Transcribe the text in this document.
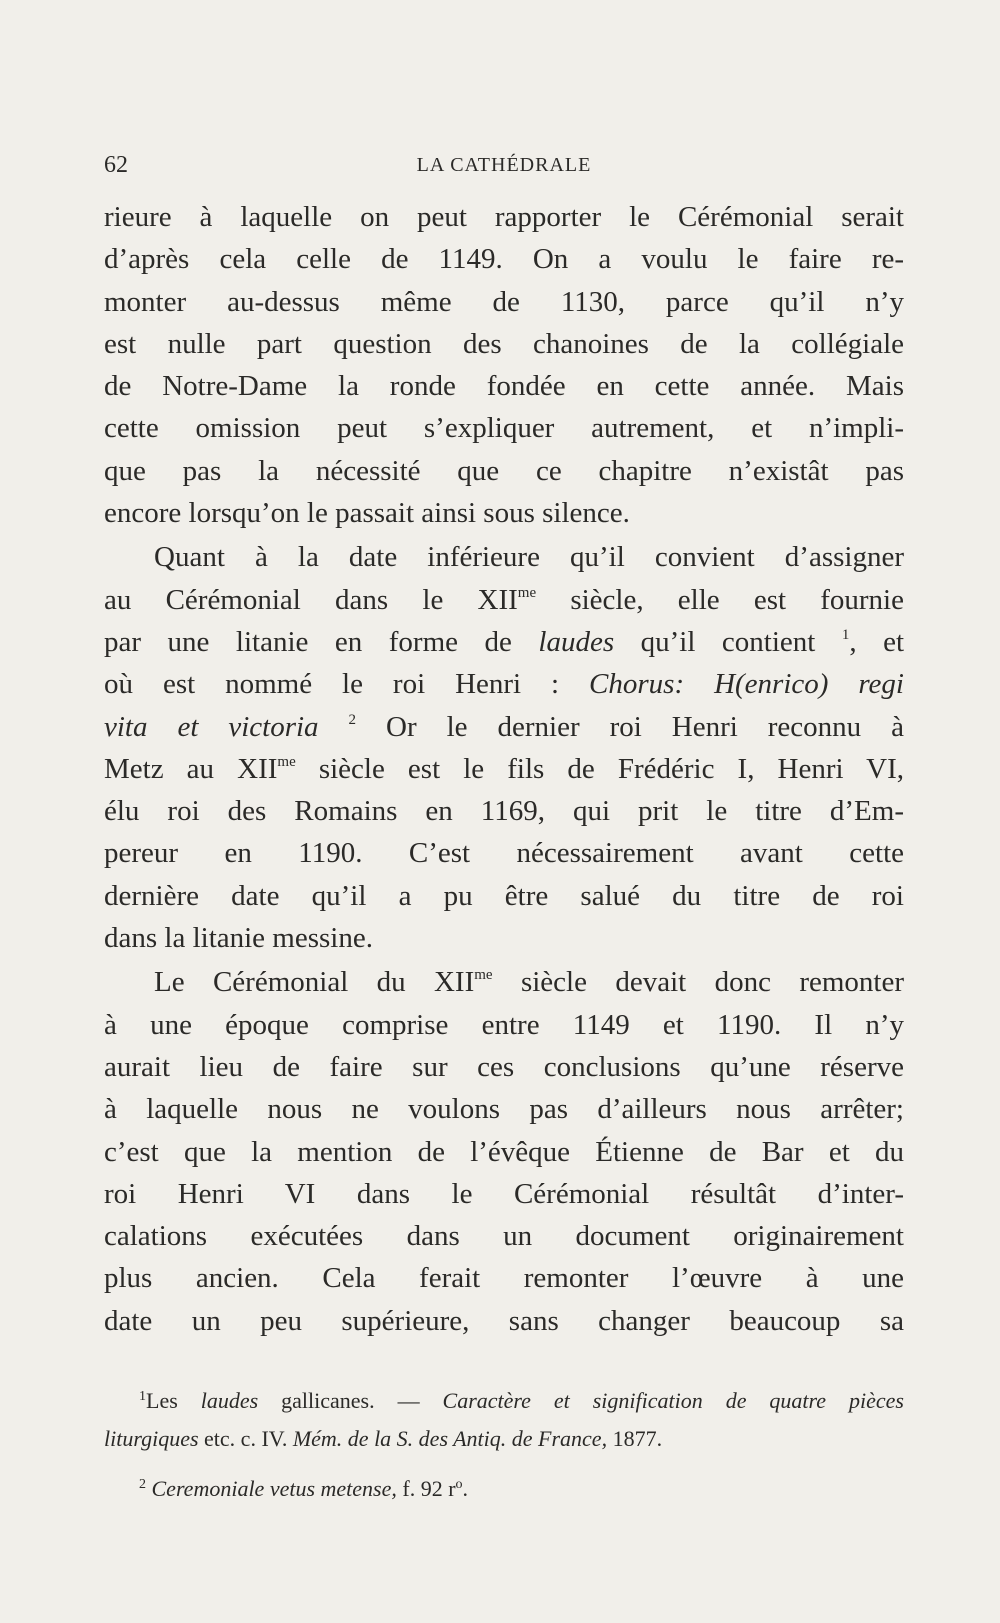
62	LA CATHÉDRALE
rieure à laquelle on peut rapporter le Cérémonial serait
d’après cela celle de 1149. On a voulu le faire re-
monter au-dessus même de 1130, parce qu’il n’y
est nulle part question des chanoines de la collégiale
de Notre-Dame la ronde fondée en cette année. Mais
cette omission peut s’expliquer autrement, et n’impli-
que pas la nécessité que ce chapitre n’existât pas
encore lorsqu’on le passait ainsi sous silence.
Quant à la date inférieure qu’il convient d’assigner
au Cérémonial dans le $XII^{me}$ siècle, elle est fournie
par une litanie en forme de laudes qu’il contient $^1$, et
où est nommé le roi Henri : Chorus: H(enrico) regi
vita et victoria $^2$ Or le dernier roi Henri reconnu à
Metz au $XII^{me}$ siècle est le fils de Frédéric I, Henri VI,
élu roi des Romains en 1169, qui prit le titre d’Em-
pereur en 1190. C’est nécessairement avant cette
dernière date qu’il a pu être salué du titre de roi
dans la litanie messine.
Le Cérémonial du $XII^{me}$ siècle devait donc remonter
à une époque comprise entre 1149 et 1190. Il n’y
aurait lieu de faire sur ces conclusions qu’une réserve
à laquelle nous ne voulons pas d’ailleurs nous arrêter;
c’est que la mention de l’évêque Étienne de Bar et du
roi Henri VI dans le Cérémonial résultât d’inter-
calations exécutées dans un document originairement
plus ancien. Cela ferait remonter l’œuvre à une
date un peu supérieure, sans changer beaucoup sa
$^1$Les laudes gallicanes. — Caractère et signification de quatre pièces
liturgiques etc. c. IV. Mém. de la S. des Antiq. de France, 1877.
$^2$ Ceremoniale vetus metense, f. 92 $r^o$.
